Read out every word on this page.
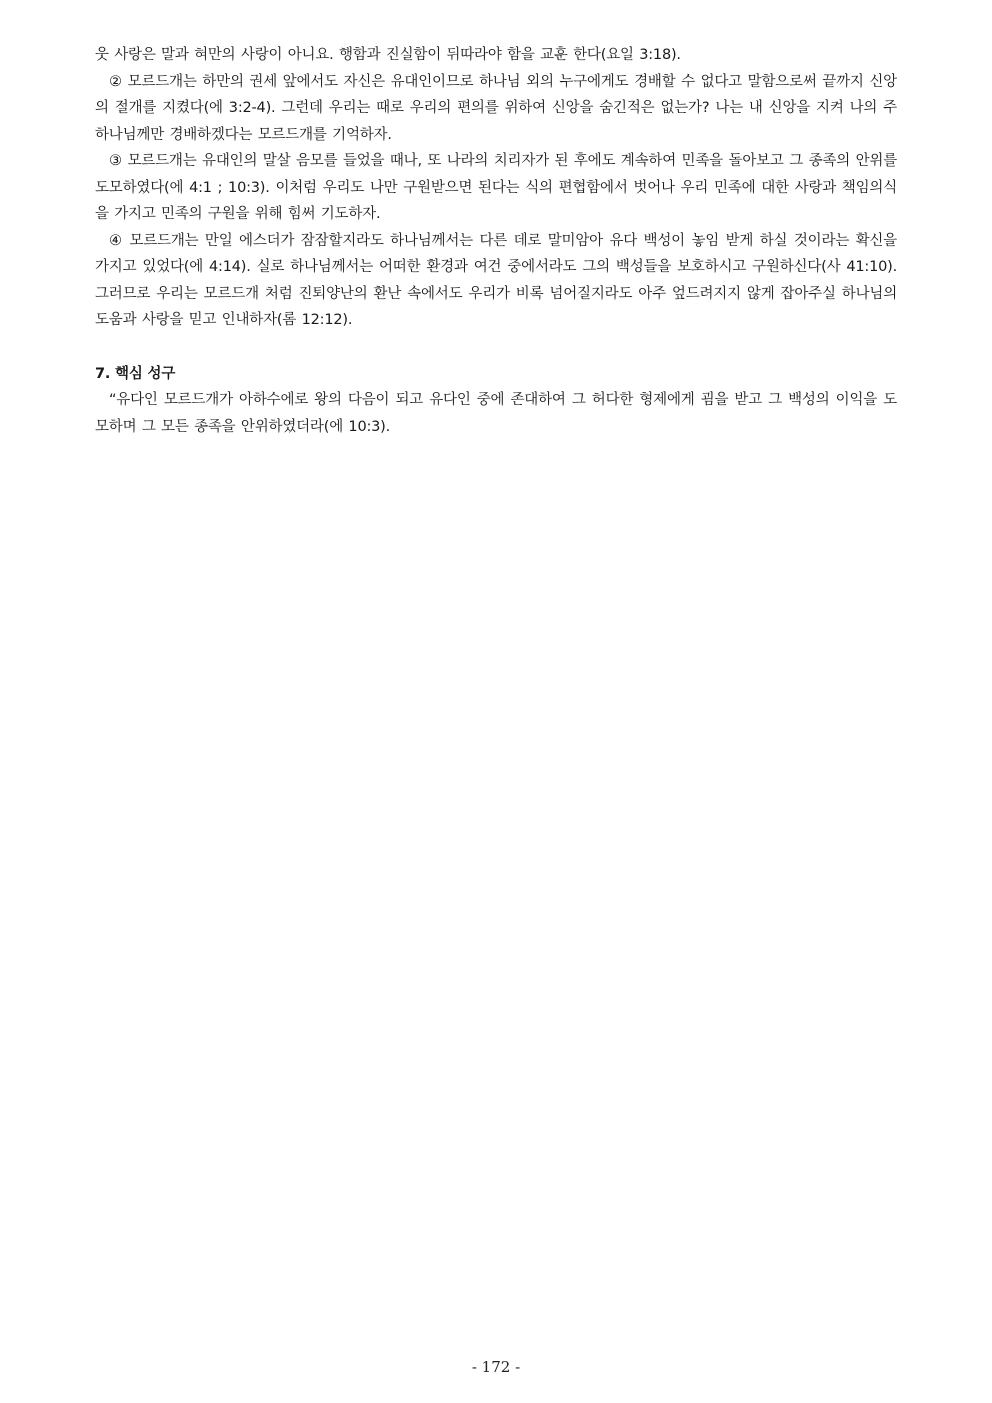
웃 사랑은 말과 혀만의 사랑이 아니요. 행함과 진실함이 뒤따라야 함을 교훈 한다(요일 3:18).

② 모르드개는 하만의 권세 앞에서도 자신은 유대인이므로 하나님 외의 누구에게도 경배할 수 없다고 말함으로써 끝까지 신앙의 절개를 지켰다(에 3:2-4). 그런데 우리는 때로 우리의 편의를 위하여 신앙을 숨긴적은 없는가? 나는 내 신앙을 지켜 나의 주 하나님께만 경배하겠다는 모르드개를 기억하자.

③ 모르드개는 유대인의 말살 음모를 들었을 때나, 또 나라의 치리자가 된 후에도 계속하여 민족을 돌아보고 그 종족의 안위를 도모하였다(에 4:1 ; 10:3). 이처럼 우리도 나만 구원받으면 된다는 식의 편협함에서 벗어나 우리 민족에 대한 사랑과 책임의식을 가지고 민족의 구원을 위해 힘써 기도하자.

④ 모르드개는 만일 에스더가 잠잠할지라도 하나님께서는 다른 데로 말미암아 유다 백성이 놓임 받게 하실 것이라는 확신을 가지고 있었다(에 4:14). 실로 하나님께서는 어떠한 환경과 여건 중에서라도 그의 백성들을 보호하시고 구원하신다(사 41:10). 그러므로 우리는 모르드개 처럼 진퇴양난의 환난 속에서도 우리가 비록 넘어질지라도 아주 엎드려지지 않게 잡아주실 하나님의 도움과 사랑을 믿고 인내하자(롬 12:12).

7. 핵심 성구

“유다인 모르드개가 아하수에로 왕의 다음이 되고 유다인 중에 존대하여 그 허다한 형제에게 굄을 받고 그 백성의 이익을 도모하며 그 모든 종족을 안위하였더라(에 10:3).

- 172 -
